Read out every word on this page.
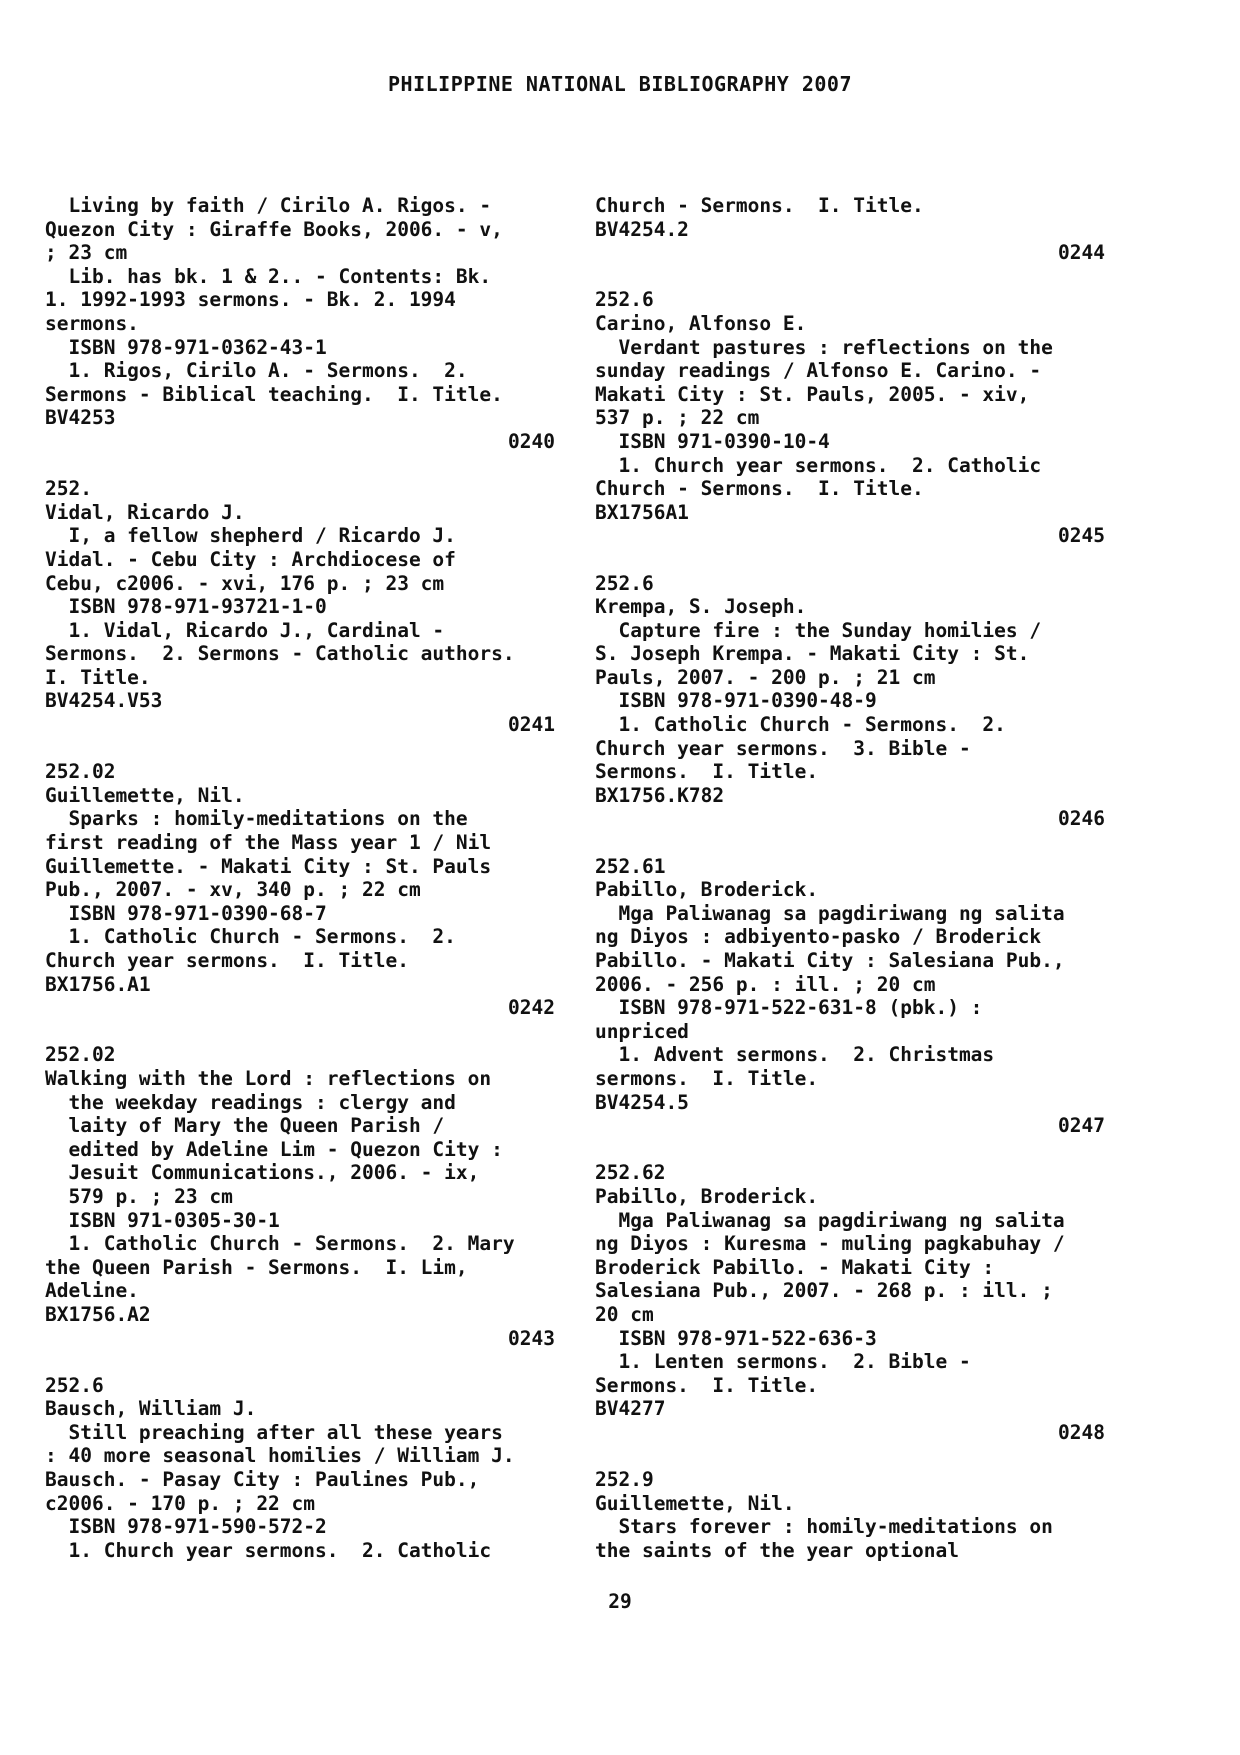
PHILIPPINE NATIONAL BIBLIOGRAPHY 2007
Living by faith / Cirilo A. Rigos. -
Quezon City : Giraffe Books, 2006. - v,
; 23 cm
Lib. has bk. 1 & 2.. - Contents: Bk.
1. 1992-1993 sermons. - Bk. 2. 1994
sermons.
ISBN 978-971-0362-43-1
1. Rigos, Cirilo A. - Sermons.  2.
Sermons - Biblical teaching.  I. Title.
BV4253
0240
252.
Vidal, Ricardo J.
I, a fellow shepherd / Ricardo J.
Vidal. - Cebu City : Archdiocese of
Cebu, c2006. - xvi, 176 p. ; 23 cm
ISBN 978-971-93721-1-0
1. Vidal, Ricardo J., Cardinal -
Sermons.  2. Sermons - Catholic authors.
I. Title.
BV4254.V53
0241
252.02
Guillemette, Nil.
Sparks : homily-meditations on the
first reading of the Mass year 1 / Nil
Guillemette. - Makati City : St. Pauls
Pub., 2007. - xv, 340 p. ; 22 cm
ISBN 978-971-0390-68-7
1. Catholic Church - Sermons.  2.
Church year sermons.  I. Title.
BX1756.A1
0242
252.02
Walking with the Lord : reflections on
the weekday readings : clergy and
laity of Mary the Queen Parish /
edited by Adeline Lim - Quezon City :
Jesuit Communications., 2006. - ix,
579 p. ; 23 cm
ISBN 971-0305-30-1
1. Catholic Church - Sermons.  2. Mary
the Queen Parish - Sermons.  I. Lim,
Adeline.
BX1756.A2
0243
252.6
Bausch, William J.
Still preaching after all these years
: 40 more seasonal homilies / William J.
Bausch. - Pasay City : Paulines Pub.,
c2006. - 170 p. ; 22 cm
ISBN 978-971-590-572-2
1. Church year sermons.  2. Catholic
Church - Sermons.  I. Title.
BV4254.2
0244
252.6
Carino, Alfonso E.
Verdant pastures : reflections on the
sunday readings / Alfonso E. Carino. -
Makati City : St. Pauls, 2005. - xiv,
537 p. ; 22 cm
ISBN 971-0390-10-4
1. Church year sermons.  2. Catholic
Church - Sermons.  I. Title.
BX1756A1
0245
252.6
Krempa, S. Joseph.
Capture fire : the Sunday homilies /
S. Joseph Krempa. - Makati City : St.
Pauls, 2007. - 200 p. ; 21 cm
ISBN 978-971-0390-48-9
1. Catholic Church - Sermons.  2.
Church year sermons.  3. Bible -
Sermons.  I. Title.
BX1756.K782
0246
252.61
Pabillo, Broderick.
Mga Paliwanag sa pagdiriwang ng salita
ng Diyos : adbiyento-pasko / Broderick
Pabillo. - Makati City : Salesiana Pub.,
2006. - 256 p. : ill. ; 20 cm
ISBN 978-971-522-631-8 (pbk.) :
unpriced
1. Advent sermons.  2. Christmas
sermons.  I. Title.
BV4254.5
0247
252.62
Pabillo, Broderick.
Mga Paliwanag sa pagdiriwang ng salita
ng Diyos : Kuresma - muling pagkabuhay /
Broderick Pabillo. - Makati City :
Salesiana Pub., 2007. - 268 p. : ill. ;
20 cm
ISBN 978-971-522-636-3
1. Lenten sermons.  2. Bible -
Sermons.  I. Title.
BV4277
0248
252.9
Guillemette, Nil.
Stars forever : homily-meditations on
the saints of the year optional
29
